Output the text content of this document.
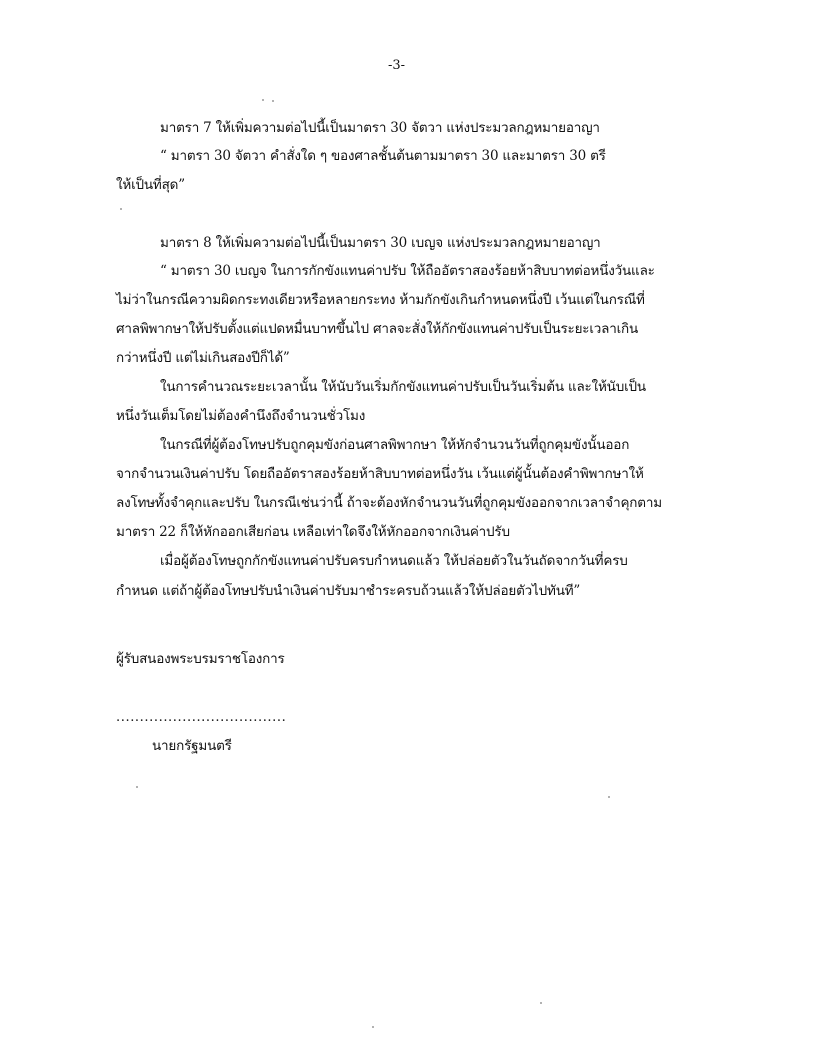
-3-
มาตรา 7 ให้เพิ่มความต่อไปนี้เป็นมาตรา 30 จัตวา แห่งประมวลกฎหมายอาญา
“ มาตรา 30 จัตวา คำสั่งใด ๆ ของศาลชั้นต้นตามมาตรา 30 และมาตรา 30 ตรี
ให้เป็นที่สุด”
มาตรา 8 ให้เพิ่มความต่อไปนี้เป็นมาตรา 30 เบญจ แห่งประมวลกฎหมายอาญา
“ มาตรา 30 เบญจ ในการกักขังแทนค่าปรับ ให้ถืออัตราสองร้อยห้าสิบบาทต่อหนึ่งวันและ
ไม่ว่าในกรณีความผิดกระทงเดียวหรือหลายกระทง ห้ามกักขังเกินกำหนดหนึ่งปี เว้นแต่ในกรณีที่
ศาลพิพากษาให้ปรับตั้งแต่แปดหมื่นบาทขึ้นไป ศาลจะสั่งให้กักขังแทนค่าปรับเป็นระยะเวลาเกิน
กว่าหนึ่งปี แต่ไม่เกินสองปีก็ได้”
ในการคำนวณระยะเวลานั้น ให้นับวันเริ่มกักขังแทนค่าปรับเป็นวันเริ่มต้น และให้นับเป็น
หนึ่งวันเต็มโดยไม่ต้องคำนึงถึงจำนวนชั่วโมง
ในกรณีที่ผู้ต้องโทษปรับถูกคุมขังก่อนศาลพิพากษา ให้หักจำนวนวันที่ถูกคุมขังนั้นออก
จากจำนวนเงินค่าปรับ โดยถืออัตราสองร้อยห้าสิบบาทต่อหนึ่งวัน เว้นแต่ผู้นั้นต้องคำพิพากษาให้
ลงโทษทั้งจำคุกและปรับ ในกรณีเช่นว่านี้ ถ้าจะต้องหักจำนวนวันที่ถูกคุมขังออกจากเวลาจำคุกตาม
มาตรา 22 ก็ให้หักออกเสียก่อน เหลือเท่าใดจึงให้หักออกจากเงินค่าปรับ
เมื่อผู้ต้องโทษถูกกักขังแทนค่าปรับครบกำหนดแล้ว ให้ปล่อยตัวในวันถัดจากวันที่ครบ
กำหนด แต่ถ้าผู้ต้องโทษปรับนำเงินค่าปรับมาชำระครบถ้วนแล้วให้ปล่อยตัวไปทันที”
ผู้รับสนองพระบรมราชโองการ
....................................
นายกรัฐมนตรี
